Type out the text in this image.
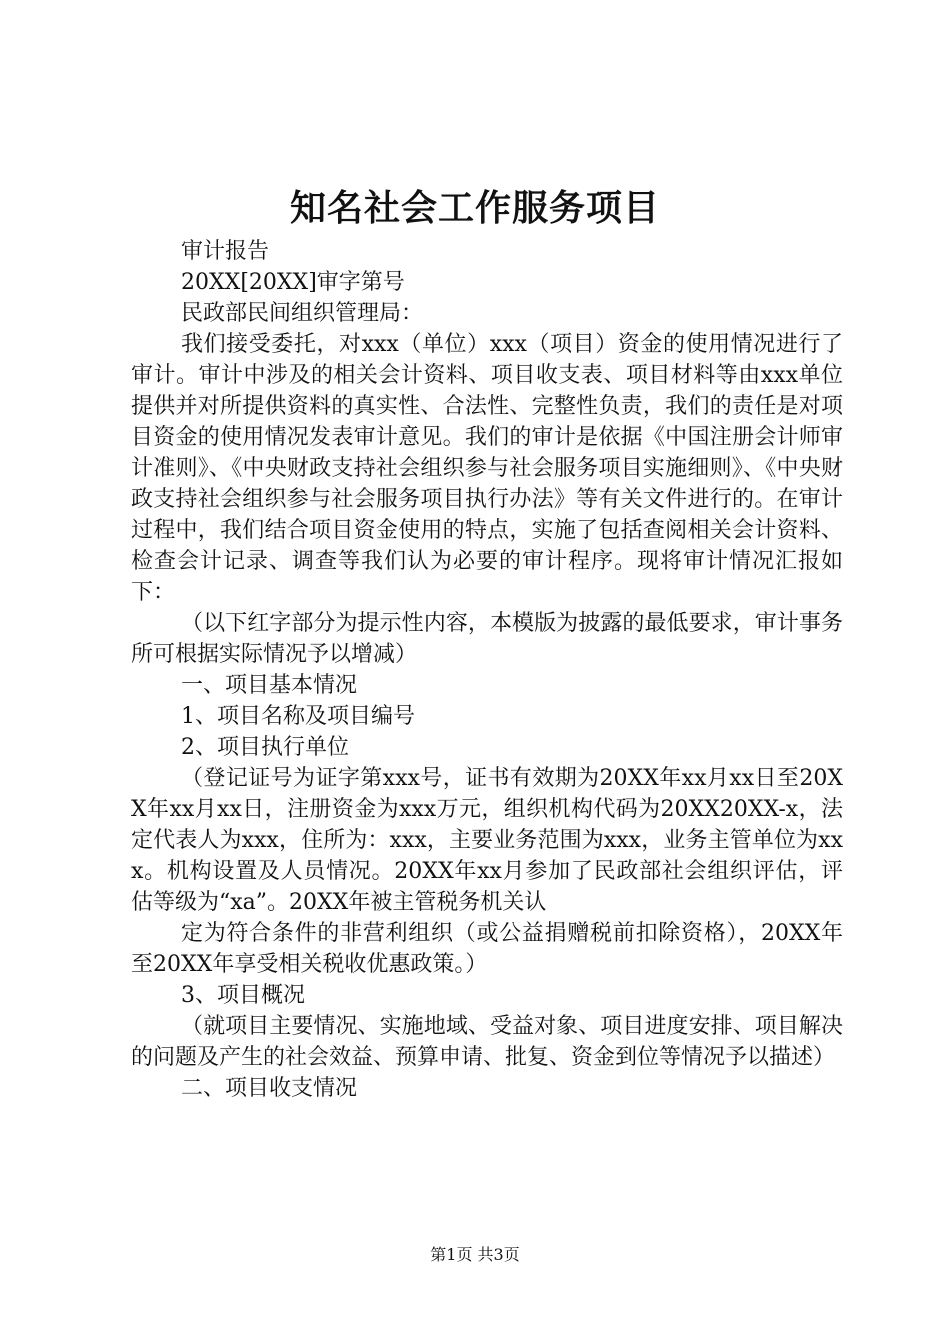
知名社会工作服务项目

审计报告

20XX[20XX]审字第号

民政部民间组织管理局：

我们接受委托，对xxx（单位）xxx（项目）资金的使用情况进行了审计。审计中涉及的相关会计资料、项目收支表、项目材料等由xxx单位提供并对所提供资料的真实性、合法性、完整性负责，我们的责任是对项目资金的使用情况发表审计意见。我们的审计是依据《中国注册会计师审计准则》、《中央财政支持社会组织参与社会服务项目实施细则》、《中央财政支持社会组织参与社会服务项目执行办法》等有关文件进行的。在审计过程中，我们结合项目资金使用的特点，实施了包括查阅相关会计资料、检查会计记录、调查等我们认为必要的审计程序。现将审计情况汇报如下：

（以下红字部分为提示性内容，本模版为披露的最低要求，审计事务所可根据实际情况予以增减）

一、项目基本情况

1、项目名称及项目编号

2、项目执行单位

（登记证号为证字第xxx号，证书有效期为20XX年xx月xx日至20XX年xx月xx日，注册资金为xxx万元，组织机构代码为20XX20XX-x，法定代表人为xxx，住所为：xxx，主要业务范围为xxx，业务主管单位为xxx。机构设置及人员情况。20XX年xx月参加了民政部社会组织评估，评估等级为“xa”。20XX年被主管税务机关认

定为符合条件的非营利组织（或公益捐赠税前扣除资格），20XX年至20XX年享受相关税收优惠政策。）

3、项目概况

（就项目主要情况、实施地域、受益对象、项目进度安排、项目解决的问题及产生的社会效益、预算申请、批复、资金到位等情况予以描述）

二、项目收支情况

第1页 共3页
